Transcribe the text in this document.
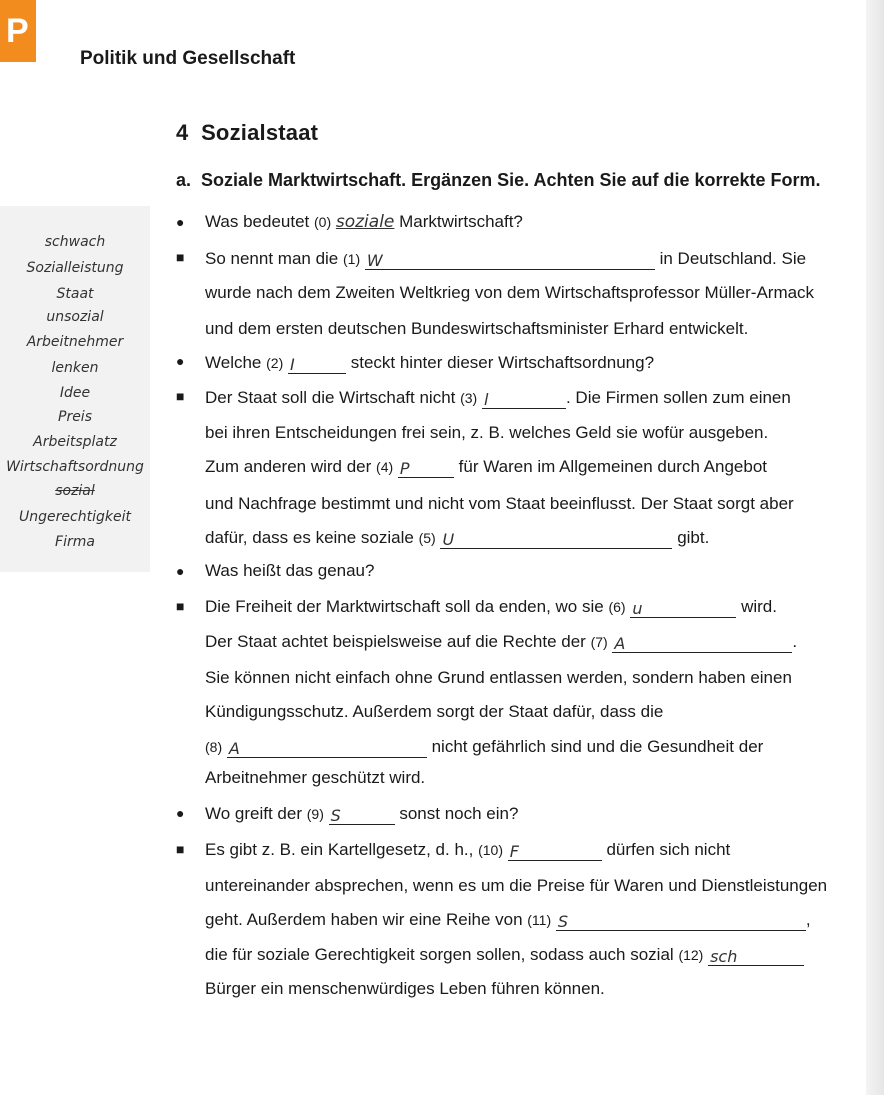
P
Politik und Gesellschaft
4 Sozialstaat
a. Soziale Marktwirtschaft. Ergänzen Sie. Achten Sie auf die korrekte Form.
schwach
Sozialleistung
Staat
unsozial
Arbeitnehmer
lenken
Idee
Preis
Arbeitsplatz
Wirtschaftsordnung
sozial
Ungerechtigkeit
Firma
●
■
●
■
●
■
●
■
Was bedeutet (0) soziale Marktwirtschaft?
So nennt man die (1) W	in Deutschland. Sie
wurde nach dem Zweiten Weltkrieg von dem Wirtschaftsprofessor Müller-Armack
und dem ersten deutschen Bundeswirtschaftsminister Erhard entwickelt.
Welche (2) I	steckt hinter dieser Wirtschaftsordnung?
Der Staat soll die Wirtschaft nicht (3) l	. Die Firmen sollen zum einen
bei ihren Entscheidungen frei sein, z. B. welches Geld sie wofür ausgeben.
Zum anderen wird der (4) P	für Waren im Allgemeinen durch Angebot
und Nachfrage bestimmt und nicht vom Staat beeinflusst. Der Staat sorgt aber
dafür, dass es keine soziale (5) U	gibt.
Was heißt das genau?
Die Freiheit der Marktwirtschaft soll da enden, wo sie (6) u	wird.
Der Staat achtet beispielsweise auf die Rechte der (7) A	.
Sie können nicht einfach ohne Grund entlassen werden, sondern haben einen
Kündigungsschutz. Außerdem sorgt der Staat dafür, dass die
(8) A	nicht gefährlich sind und die Gesundheit der
Arbeitnehmer geschützt wird.
Wo greift der (9) S	sonst noch ein?
Es gibt z. B. ein Kartellgesetz, d. h., (10) F	dürfen sich nicht
untereinander absprechen, wenn es um die Preise für Waren und Dienstleistungen
geht. Außerdem haben wir eine Reihe von (11) S	,
die für soziale Gerechtigkeit sorgen sollen, sodass auch sozial (12) sch

Bürger ein menschenwürdiges Leben führen können.
